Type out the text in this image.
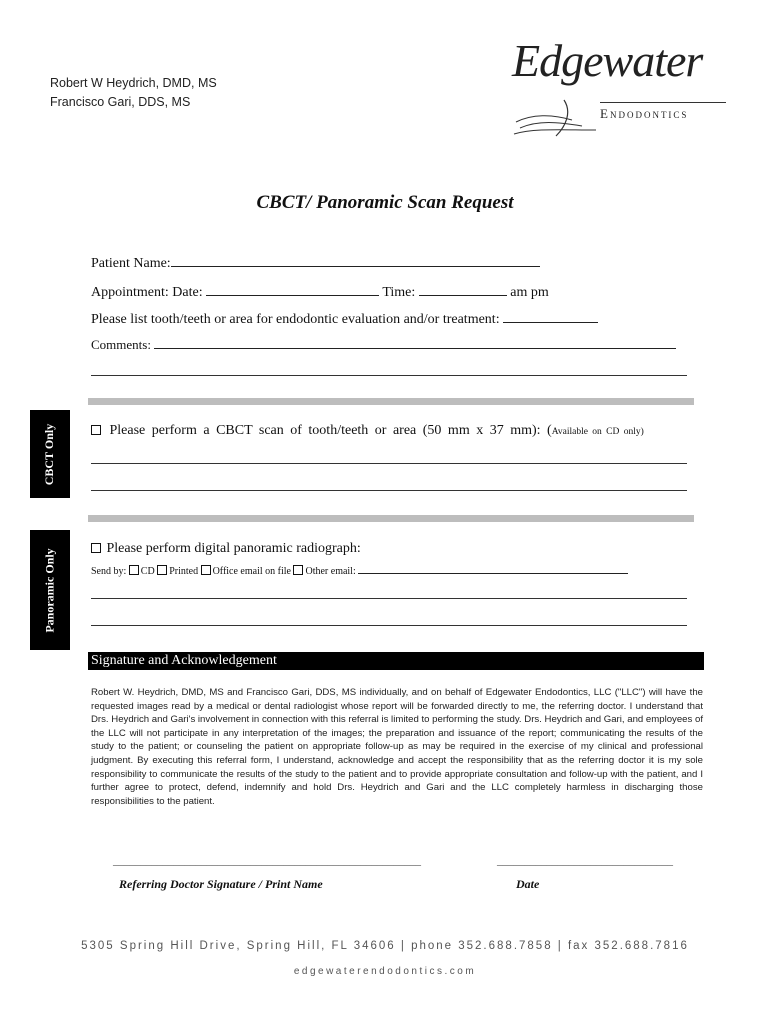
Robert W Heydrich, DMD, MS
Francisco Gari, DDS, MS
Edgewater
Endodontics
CBCT/ Panoramic Scan Request
Patient Name:
Appointment: Date:	Time:	am pm
Please list tooth/teeth or area for endodontic evaluation and/or treatment:
Comments:
CBCT Only	Please perform a CBCT scan of tooth/teeth or area (50 mm x 37 mm): (Available on CD only)
Panoramic Only	Please perform digital panoramic radiograph:
Send by: CD Printed Office email on file Other email:
Signature and Acknowledgement
Robert W. Heydrich, DMD, MS and Francisco Gari, DDS, MS individually, and on behalf of Edgewater Endodontics, LLC ("LLC") will have the requested images read by a medical or dental radiologist whose report will be forwarded directly to me, the referring doctor. I understand that Drs. Heydrich and Gari's involvement in connection with this referral is limited to performing the study. Drs. Heydrich and Gari, and employees of the LLC will not participate in any interpretation of the images; the preparation and issuance of the report; communicating the results of the study to the patient; or counseling the patient on appropriate follow-up as may be required in the exercise of my clinical and professional judgment. By executing this referral form, I understand, acknowledge and accept the responsibility that as the referring doctor it is my sole responsibility to communicate the results of the study to the patient and to provide appropriate consultation and follow-up with the patient, and I further agree to protect, defend, indemnify and hold Drs. Heydrich and Gari and the LLC completely harmless in discharging those responsibilities to the patient.
________________________________________________________	________________________________
Referring Doctor Signature / Print Name	Date
5305 Spring Hill Drive, Spring Hill, FL 34606 | phone 352.688.7858 | fax 352.688.7816
edgewaterendodontics.com
